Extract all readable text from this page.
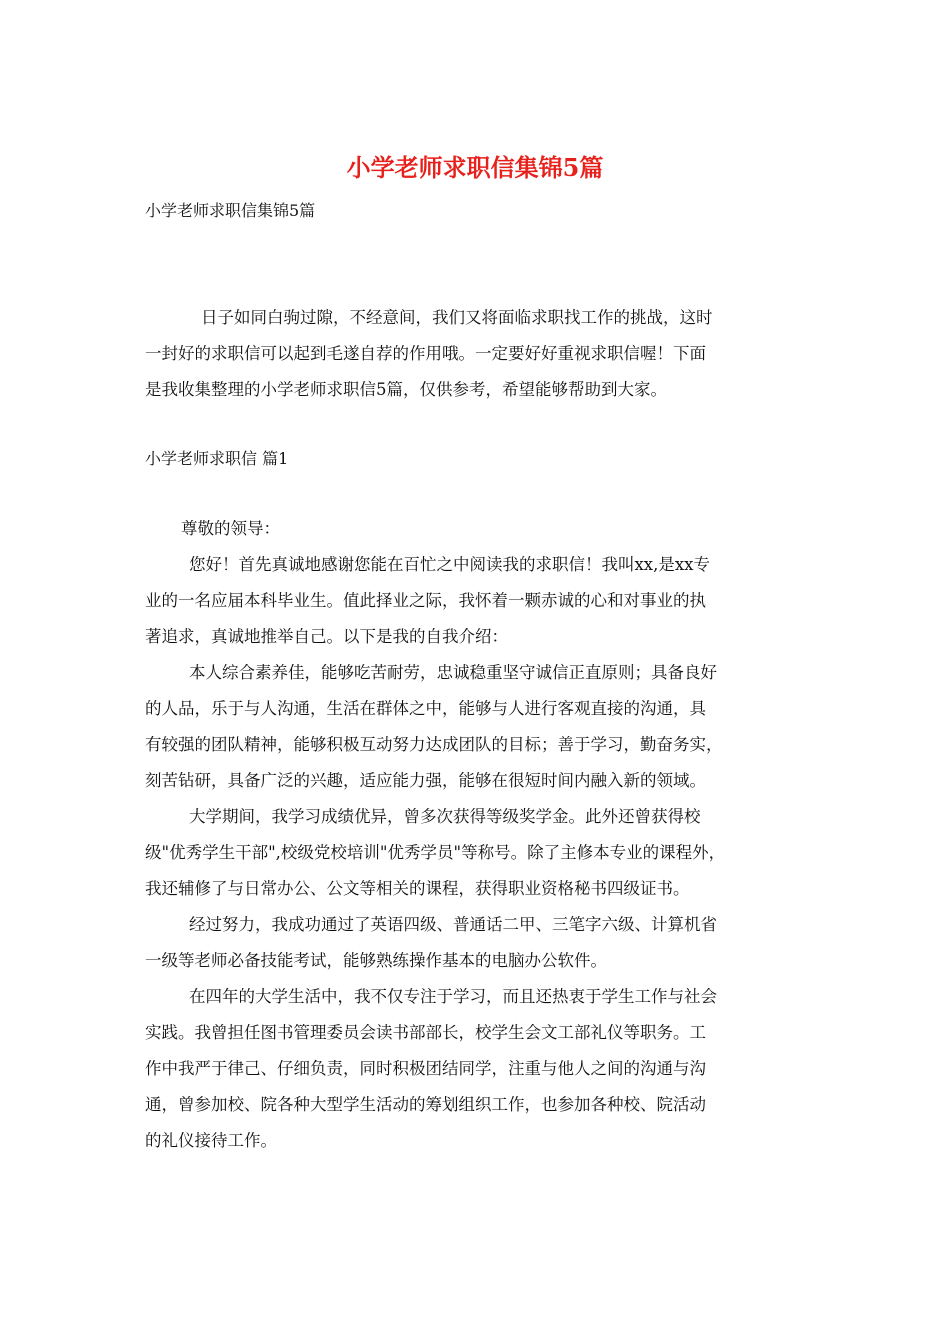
小学老师求职信集锦5篇
小学老师求职信集锦5篇
日子如同白驹过隙，不经意间，我们又将面临求职找工作的挑战，这时
一封好的求职信可以起到毛遂自荐的作用哦。一定要好好重视求职信喔！下面
是我收集整理的小学老师求职信5篇，仅供参考，希望能够帮助到大家。
小学老师求职信 篇1
尊敬的领导：
您好！首先真诚地感谢您能在百忙之中阅读我的求职信！我叫xx,是xx专
业的一名应届本科毕业生。值此择业之际，我怀着一颗赤诚的心和对事业的执
著追求，真诚地推举自己。以下是我的自我介绍：
本人综合素养佳，能够吃苦耐劳，忠诚稳重坚守诚信正直原则；具备良好
的人品，乐于与人沟通，生活在群体之中，能够与人进行客观直接的沟通，具
有较强的团队精神，能够积极互动努力达成团队的目标；善于学习，勤奋务实，
刻苦钻研，具备广泛的兴趣，适应能力强，能够在很短时间内融入新的领域。
大学期间，我学习成绩优异，曾多次获得等级奖学金。此外还曾获得校
级"优秀学生干部",校级党校培训"优秀学员"等称号。除了主修本专业的课程外，
我还辅修了与日常办公、公文等相关的课程，获得职业资格秘书四级证书。
经过努力，我成功通过了英语四级、普通话二甲、三笔字六级、计算机省
一级等老师必备技能考试，能够熟练操作基本的电脑办公软件。
在四年的大学生活中，我不仅专注于学习，而且还热衷于学生工作与社会
实践。我曾担任图书管理委员会读书部部长，校学生会文工部礼仪等职务。工
作中我严于律己、仔细负责，同时积极团结同学，注重与他人之间的沟通与沟
通，曾参加校、院各种大型学生活动的筹划组织工作，也参加各种校、院活动
的礼仪接待工作。
